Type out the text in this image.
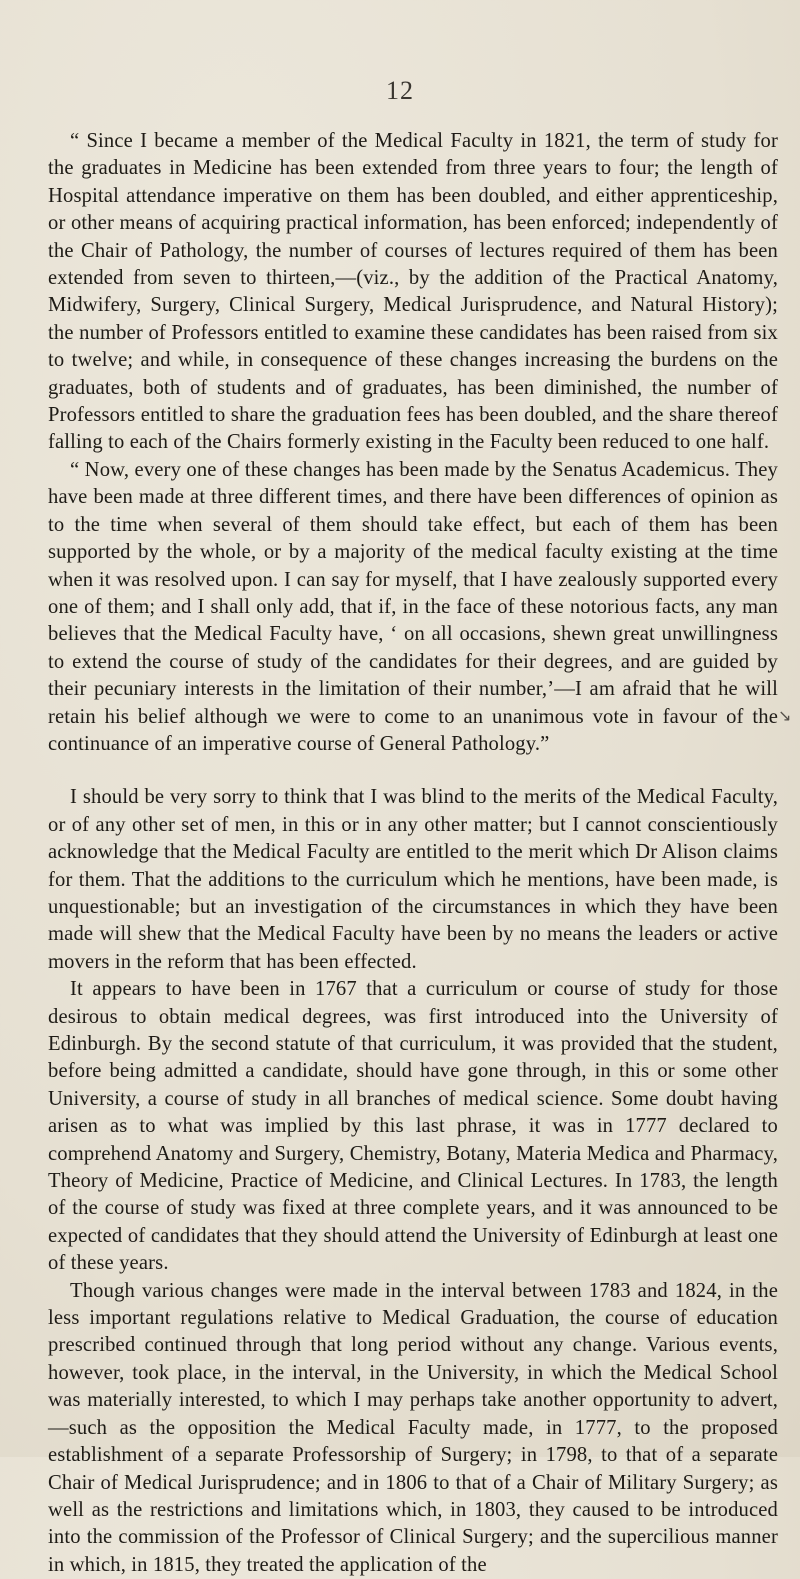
12

“ Since I became a member of the Medical Faculty in 1821, the term of study for the graduates in Medicine has been extended from three years to four; the length of Hospital attendance imperative on them has been doubled, and either apprenticeship, or other means of acquiring practical information, has been enforced; independently of the Chair of Pathology, the number of courses of lectures required of them has been extended from seven to thirteen,—(viz., by the addition of the Practical Anatomy, Midwifery, Surgery, Clinical Surgery, Medical Jurisprudence, and Natural History); the number of Professors entitled to examine these candidates has been raised from six to twelve; and while, in consequence of these changes increasing the burdens on the graduates, both of students and of graduates, has been diminished, the number of Professors entitled to share the graduation fees has been doubled, and the share thereof falling to each of the Chairs formerly existing in the Faculty been reduced to one half.

“ Now, every one of these changes has been made by the Senatus Academicus. They have been made at three different times, and there have been differences of opinion as to the time when several of them should take effect, but each of them has been supported by the whole, or by a majority of the medical faculty existing at the time when it was resolved upon. I can say for myself, that I have zealously supported every one of them; and I shall only add, that if, in the face of these notorious facts, any man believes that the Medical Faculty have, ‘ on all occasions, shewn great unwillingness to extend the course of study of the candidates for their degrees, and are guided by their pecuniary interests in the limitation of their number,’—I am afraid that he will retain his belief although we were to come to an unanimous vote in favour of the continuance of an imperative course of General Pathology.”

I should be very sorry to think that I was blind to the merits of the Medical Faculty, or of any other set of men, in this or in any other matter; but I cannot conscientiously acknowledge that the Medical Faculty are entitled to the merit which Dr Alison claims for them. That the additions to the curriculum which he mentions, have been made, is unquestionable; but an investigation of the circumstances in which they have been made will shew that the Medical Faculty have been by no means the leaders or active movers in the reform that has been effected.

It appears to have been in 1767 that a curriculum or course of study for those desirous to obtain medical degrees, was first introduced into the University of Edinburgh. By the second statute of that curriculum, it was provided that the student, before being admitted a candidate, should have gone through, in this or some other University, a course of study in all branches of medical science. Some doubt having arisen as to what was implied by this last phrase, it was in 1777 declared to comprehend Anatomy and Surgery, Chemistry, Botany, Materia Medica and Pharmacy, Theory of Medicine, Practice of Medicine, and Clinical Lectures. In 1783, the length of the course of study was fixed at three complete years, and it was announced to be expected of candidates that they should attend the University of Edinburgh at least one of these years.

Though various changes were made in the interval between 1783 and 1824, in the less important regulations relative to Medical Graduation, the course of education prescribed continued through that long period without any change. Various events, however, took place, in the interval, in the University, in which the Medical School was materially interested, to which I may perhaps take another opportunity to advert,—such as the opposition the Medical Faculty made, in 1777, to the proposed establishment of a separate Professorship of Surgery; in 1798, to that of a separate Chair of Medical Jurisprudence; and in 1806 to that of a Chair of Military Surgery; as well as the restrictions and limitations which, in 1803, they caused to be introduced into the commission of the Professor of Clinical Surgery; and the supercilious manner in which, in 1815, they treated the application of the

↘
